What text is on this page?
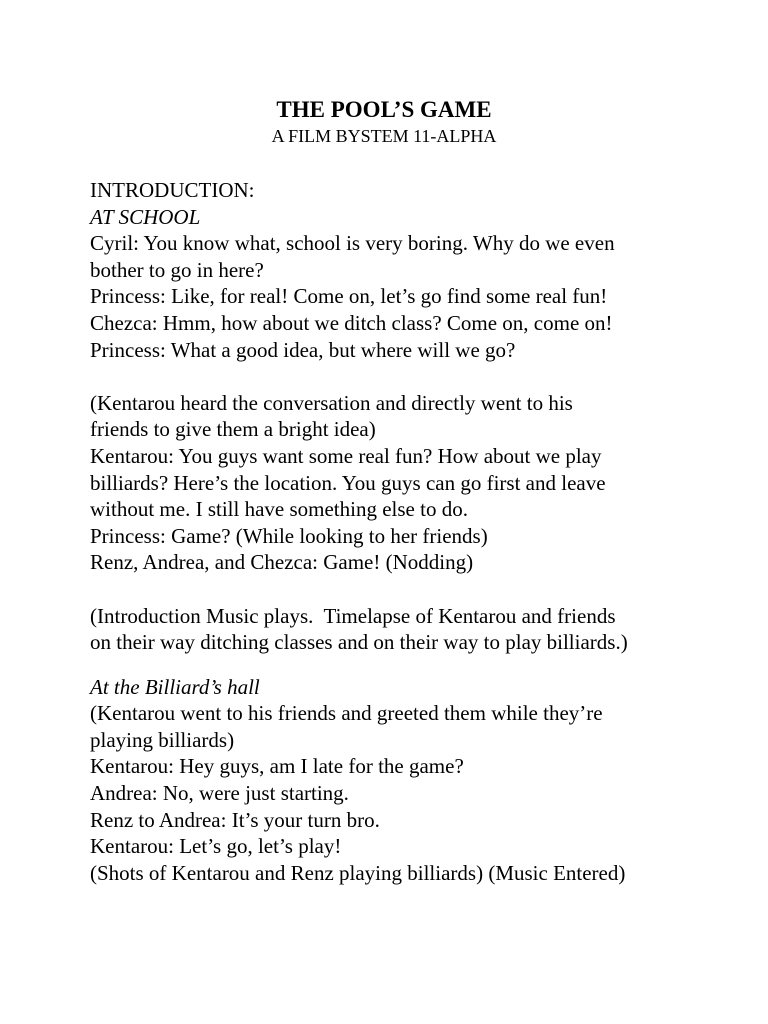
THE POOL’S GAME

A FILM BYSTEM 11-ALPHA

INTRODUCTION:
AT SCHOOL
Cyril: You know what, school is very boring. Why do we even
bother to go in here?
Princess: Like, for real! Come on, let’s go find some real fun!
Chezca: Hmm, how about we ditch class? Come on, come on!
Princess: What a good idea, but where will we go?
(Kentarou heard the conversation and directly went to his
friends to give them a bright idea)
Kentarou: You guys want some real fun? How about we play
billiards? Here’s the location. You guys can go first and leave
without me. I still have something else to do.
Princess: Game? (While looking to her friends)
Renz, Andrea, and Chezca: Game! (Nodding)
(Introduction Music plays.  Timelapse of Kentarou and friends
on their way ditching classes and on their way to play billiards.)
At the Billiard’s hall
(Kentarou went to his friends and greeted them while they’re
playing billiards)
Kentarou: Hey guys, am I late for the game?
Andrea: No, were just starting.
Renz to Andrea: It’s your turn bro.
Kentarou: Let’s go, let’s play!
(Shots of Kentarou and Renz playing billiards) (Music Entered)
